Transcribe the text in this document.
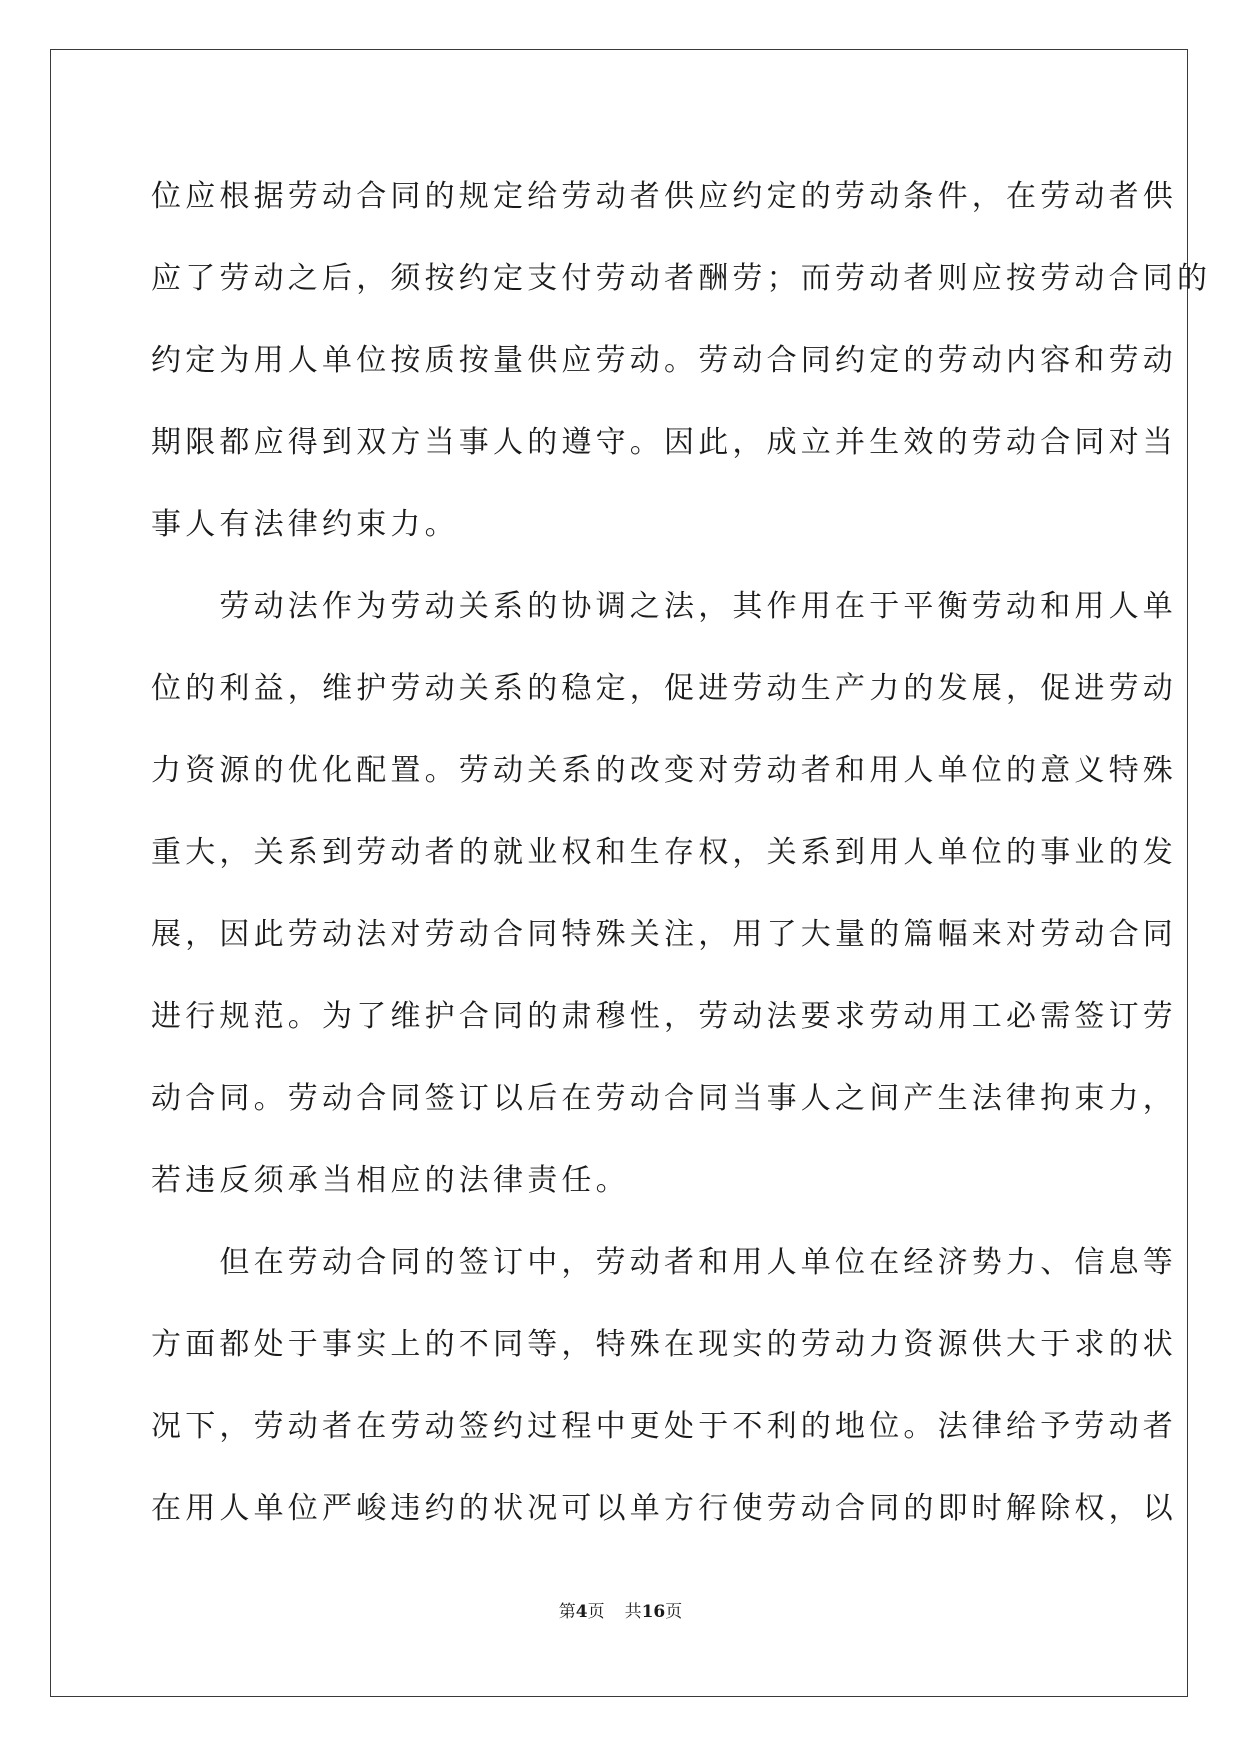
位应根据劳动合同的规定给劳动者供应约定的劳动条件，在劳动者供
应了劳动之后，须按约定支付劳动者酬劳；而劳动者则应按劳动合同的
约定为用人单位按质按量供应劳动。劳动合同约定的劳动内容和劳动
期限都应得到双方当事人的遵守。因此，成立并生效的劳动合同对当
事人有法律约束力。
　　劳动法作为劳动关系的协调之法，其作用在于平衡劳动和用人单
位的利益，维护劳动关系的稳定，促进劳动生产力的发展，促进劳动
力资源的优化配置。劳动关系的改变对劳动者和用人单位的意义特殊
重大，关系到劳动者的就业权和生存权，关系到用人单位的事业的发
展，因此劳动法对劳动合同特殊关注，用了大量的篇幅来对劳动合同
进行规范。为了维护合同的肃穆性，劳动法要求劳动用工必需签订劳
动合同。劳动合同签订以后在劳动合同当事人之间产生法律拘束力，
若违反须承当相应的法律责任。
　　但在劳动合同的签订中，劳动者和用人单位在经济势力、信息等
方面都处于事实上的不同等，特殊在现实的劳动力资源供大于求的状
况下，劳动者在劳动签约过程中更处于不利的地位。法律给予劳动者
在用人单位严峻违约的状况可以单方行使劳动合同的即时解除权，以
第4页 共16页
